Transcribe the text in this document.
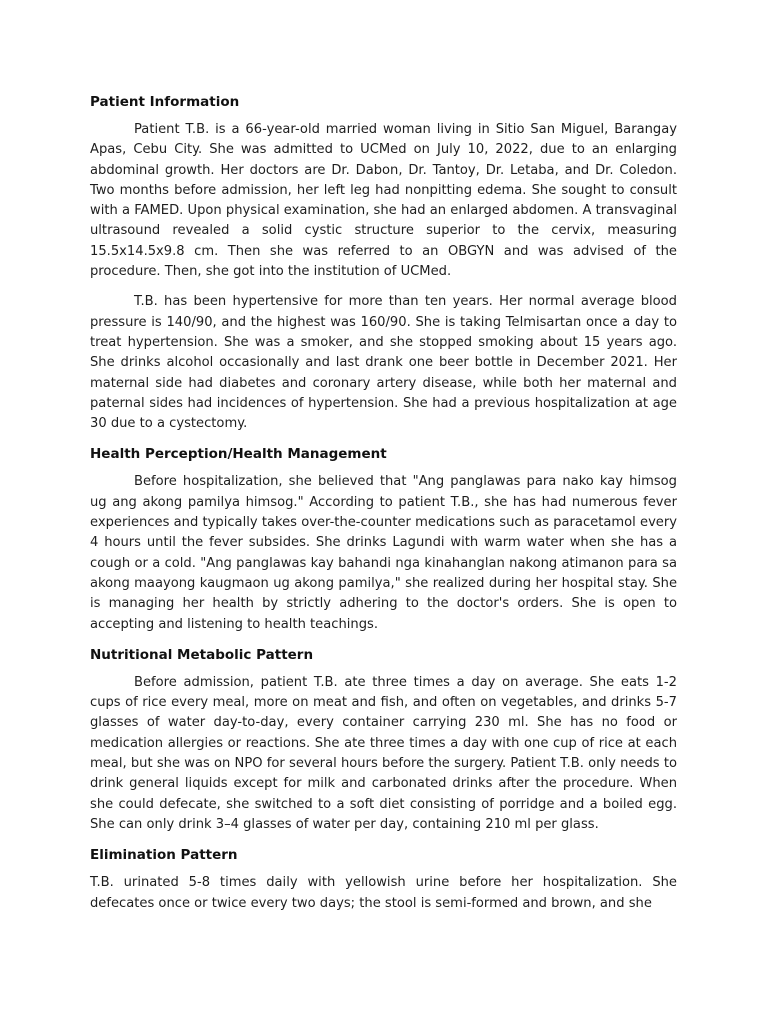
Patient Information

Patient T.B. is a 66-year-old married woman living in Sitio San Miguel, Barangay Apas, Cebu City. She was admitted to UCMed on July 10, 2022, due to an enlarging abdominal growth. Her doctors are Dr. Dabon, Dr. Tantoy, Dr. Letaba, and Dr. Coledon. Two months before admission, her left leg had nonpitting edema. She sought to consult with a FAMED. Upon physical examination, she had an enlarged abdomen. A transvaginal ultrasound revealed a solid cystic structure superior to the cervix, measuring 15.5x14.5x9.8 cm. Then she was referred to an OBGYN and was advised of the procedure. Then, she got into the institution of UCMed.

T.B. has been hypertensive for more than ten years. Her normal average blood pressure is 140/90, and the highest was 160/90. She is taking Telmisartan once a day to treat hypertension. She was a smoker, and she stopped smoking about 15 years ago. She drinks alcohol occasionally and last drank one beer bottle in December 2021. Her maternal side had diabetes and coronary artery disease, while both her maternal and paternal sides had incidences of hypertension. She had a previous hospitalization at age 30 due to a cystectomy.

Health Perception/Health Management

Before hospitalization, she believed that "Ang panglawas para nako kay himsog ug ang akong pamilya himsog." According to patient T.B., she has had numerous fever experiences and typically takes over-the-counter medications such as paracetamol every 4 hours until the fever subsides. She drinks Lagundi with warm water when she has a cough or a cold. "Ang panglawas kay bahandi nga kinahanglan nakong atimanon para sa akong maayong kaugmaon ug akong pamilya," she realized during her hospital stay. She is managing her health by strictly adhering to the doctor's orders. She is open to accepting and listening to health teachings.

Nutritional Metabolic Pattern

Before admission, patient T.B. ate three times a day on average. She eats 1-2 cups of rice every meal, more on meat and fish, and often on vegetables, and drinks 5-7 glasses of water day-to-day, every container carrying 230 ml. She has no food or medication allergies or reactions. She ate three times a day with one cup of rice at each meal, but she was on NPO for several hours before the surgery. Patient T.B. only needs to drink general liquids except for milk and carbonated drinks after the procedure. When she could defecate, she switched to a soft diet consisting of porridge and a boiled egg. She can only drink 3–4 glasses of water per day, containing 210 ml per glass.

Elimination Pattern

T.B. urinated 5-8 times daily with yellowish urine before her hospitalization. She defecates once or twice every two days; the stool is semi-formed and brown, and she
